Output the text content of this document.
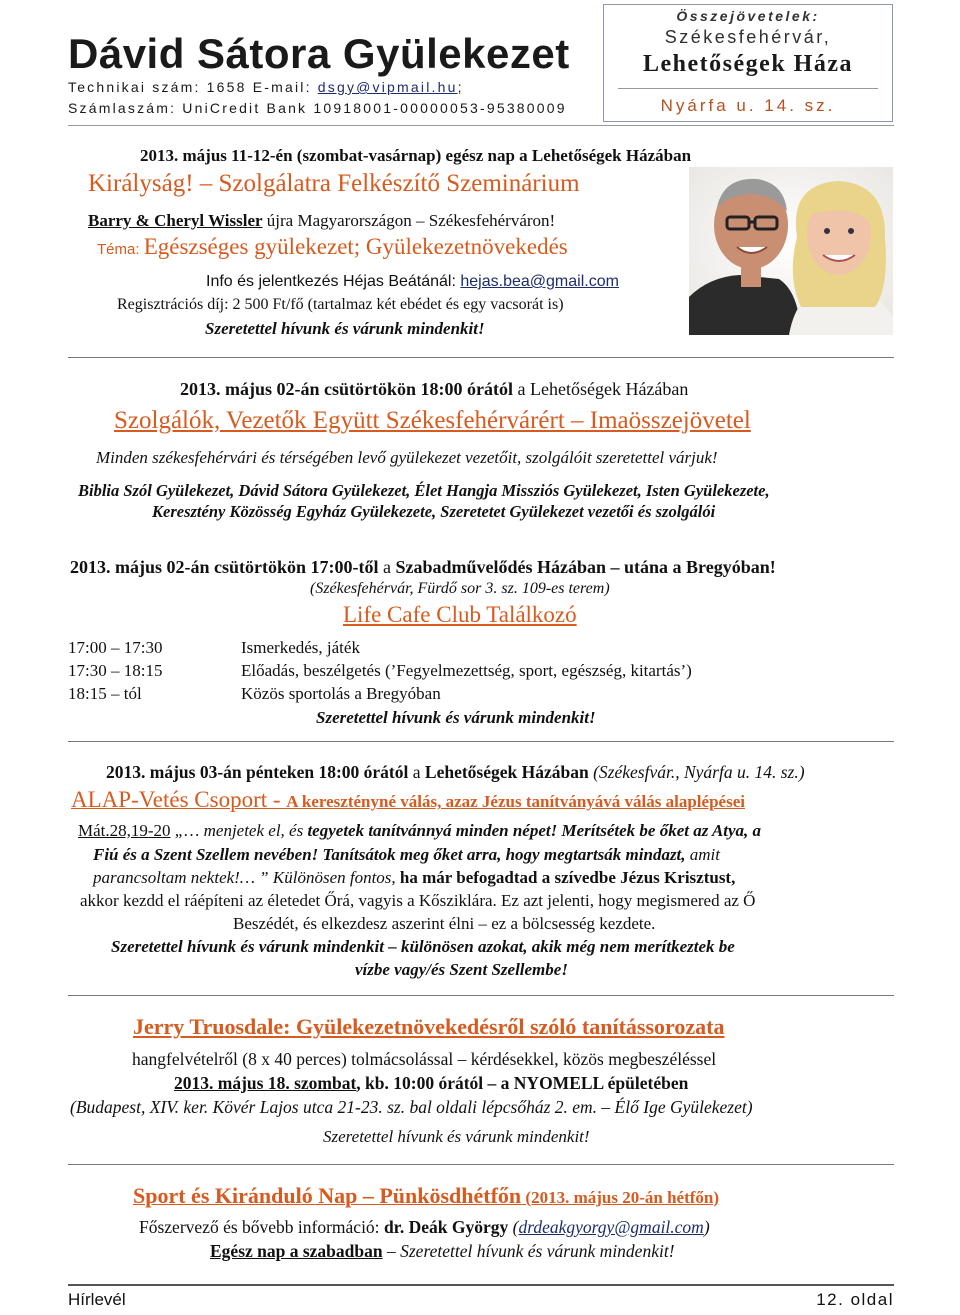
Dávid Sátora Gyülekezet
Technikai szám: 1658 E-mail: dsgy@vipmail.hu;
Számlaszám: UniCredit Bank 10918001-00000053-95380009
Összejövetelek:
Székesfehérvár,
Lehetőségek Háza
Nyárfa u. 14. sz.
2013. május 11-12-én (szombat-vasárnap) egész nap a Lehetőségek Házában
Királyság! – Szolgálatra Felkészítő Szeminárium
Barry & Cheryl Wissler újra Magyarországon – Székesfehérváron!
Téma: Egészséges gyülekezet; Gyülekezetnövekedés
Info és jelentkezés Héjas Beátánál: hejas.bea@gmail.com
Regisztrációs díj: 2 500 Ft/fő (tartalmaz két ebédet és egy vacsorát is)
Szeretettel hívunk és várunk mindenkit!
2013. május 02-án csütörtökön 18:00 órától a Lehetőségek Házában
Szolgálók, Vezetők Együtt Székesfehérvárért – Imaösszejövetel
Minden székesfehérvári és térségében levő gyülekezet vezetőit, szolgálóit szeretettel várjuk!
Biblia Szól Gyülekezet, Dávid Sátora Gyülekezet, Élet Hangja Missziós Gyülekezet, Isten Gyülekezete,
Keresztény Közösség Egyház Gyülekezete, Szeretetet Gyülekezet vezetői és szolgálói
2013. május 02-án csütörtökön 17:00-től a Szabadművelődés Házában – utána a Bregyóban!
(Székesfehérvár, Fürdő sor 3. sz. 109-es terem)
Life Cafe Club Találkozó
17:00 – 17:30	Ismerkedés, játék
17:30 – 18:15	Előadás, beszélgetés (’Fegyelmezettség, sport, egészség, kitartás’)
18:15 – tól	Közös sportolás a Bregyóban
Szeretettel hívunk és várunk mindenkit!
2013. május 03-án pénteken 18:00 órától a Lehetőségek Házában (Székesfvár., Nyárfa u. 14. sz.)
ALAP-Vetés Csoport - A keresztényné válás, azaz Jézus tanítványává válás alaplépései
Mát.28,19-20 „… menjetek el, és tegyetek tanítvánnyá minden népet! Merítsétek be őket az Atya, a
Fiú és a Szent Szellem nevében! Tanítsátok meg őket arra, hogy megtartsák mindazt, amit
parancsoltam nektek!… ” Különösen fontos, ha már befogadtad a szívedbe Jézus Krisztust,
akkor kezdd el ráépíteni az életedet Őrá, vagyis a Kősziklára. Ez azt jelenti, hogy megismered az Ő
Beszédét, és elkezdesz aszerint élni – ez a bölcsesség kezdete.
Szeretettel hívunk és várunk mindenkit – különösen azokat, akik még nem merítkeztek be
vízbe vagy/és Szent Szellembe!
Jerry Truosdale: Gyülekezetnövekedésről szóló tanítássorozata
hangfelvételről (8 x 40 perces) tolmácsolással – kérdésekkel, közös megbeszéléssel
2013. május 18. szombat, kb. 10:00 órától – a NYOMELL épületében
(Budapest, XIV. ker. Kövér Lajos utca 21-23. sz. bal oldali lépcsőház 2. em. – Élő Ige Gyülekezet)
Szeretettel hívunk és várunk mindenkit!
Sport és Kiránduló Nap – Pünkösdhétfőn (2013. május 20-án hétfőn)
Főszervező és bővebb információ: dr. Deák György (drdeakgyorgy@gmail.com)
Egész nap a szabadban – Szeretettel hívunk és várunk mindenkit!
Hírlevél	12. oldal
